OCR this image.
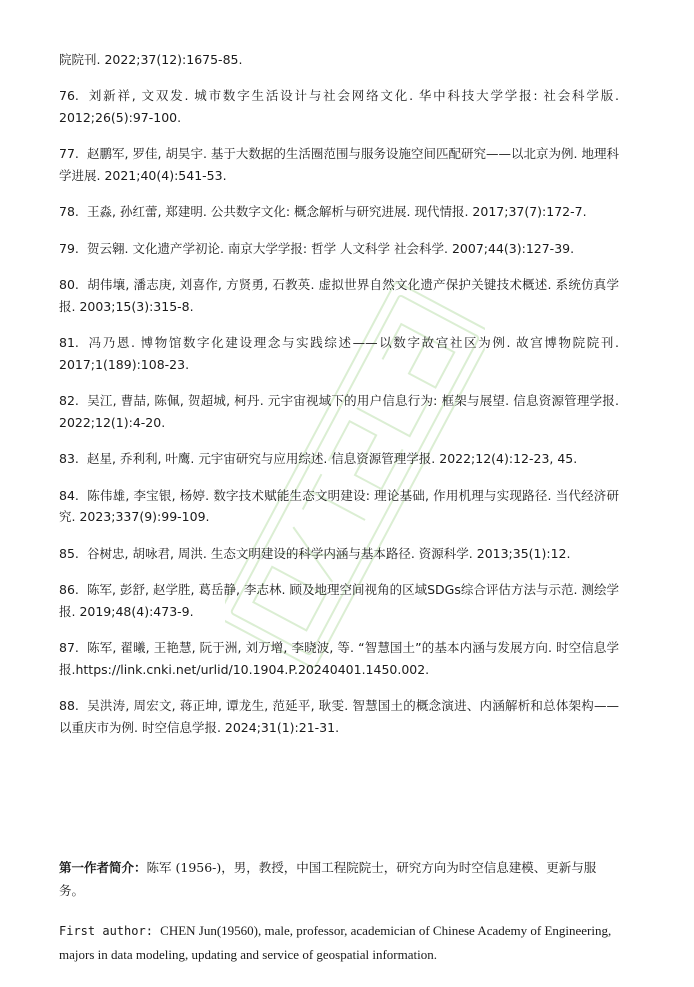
院院刊. 2022;37(12):1675-85.

76. 刘新祥, 文双发. 城市数字生活设计与社会网络文化. 华中科技大学学报: 社会科学版. 2012;26(5):97-100.

77. 赵鹏军, 罗佳, 胡昊宇. 基于大数据的生活圈范围与服务设施空间匹配研究——以北京为例. 地理科学进展. 2021;40(4):541-53.

78. 王淼, 孙红蕾, 郑建明. 公共数字文化: 概念解析与研究进展. 现代情报. 2017;37(7):172-7.

79. 贺云翱. 文化遗产学初论. 南京大学学报: 哲学 人文科学 社会科学. 2007;44(3):127-39.

80. 胡伟壤, 潘志庚, 刘喜作, 方贤勇, 石教英. 虚拟世界自然文化遗产保护关键技术概述. 系统仿真学报. 2003;15(3):315-8.

81. 冯乃恩. 博物馆数字化建设理念与实践综述——以数字故宫社区为例. 故宫博物院院刊. 2017;1(189):108-23.

82. 吴江, 曹喆, 陈佩, 贺超城, 柯丹. 元宇宙视域下的用户信息行为: 框架与展望. 信息资源管理学报. 2022;12(1):4-20.

83. 赵星, 乔利利, 叶鹰. 元宇宙研究与应用综述. 信息资源管理学报. 2022;12(4):12-23, 45.

84. 陈伟雄, 李宝银, 杨婷. 数字技术赋能生态文明建设: 理论基础, 作用机理与实现路径. 当代经济研究. 2023;337(9):99-109.

85. 谷树忠, 胡咏君, 周洪. 生态文明建设的科学内涵与基本路径. 资源科学. 2013;35(1):12.

86. 陈军, 彭舒, 赵学胜, 葛岳静, 李志林. 顾及地理空间视角的区域SDGs综合评估方法与示范. 测绘学报. 2019;48(4):473-9.

87. 陈军, 翟曦, 王艳慧, 阮于洲, 刘万增, 李晓波, 等. “智慧国土”的基本内涵与发展方向. 时空信息学报.https://link.cnki.net/urlid/10.1904.P.20240401.1450.002.

88. 吴洪涛, 周宏文, 蒋正坤, 谭龙生, 范延平, 耿雯. 智慧国土的概念演进、内涵解析和总体架构——以重庆市为例. 时空信息学报. 2024;31(1):21-31.

第一作者简介：陈军 (1956-)，男，教授，中国工程院院士，研究方向为时空信息建模、更新与服务。

First author: CHEN Jun(19560), male, professor, academician of Chinese Academy of Engineering, majors in data modeling, updating and service of geospatial information.
